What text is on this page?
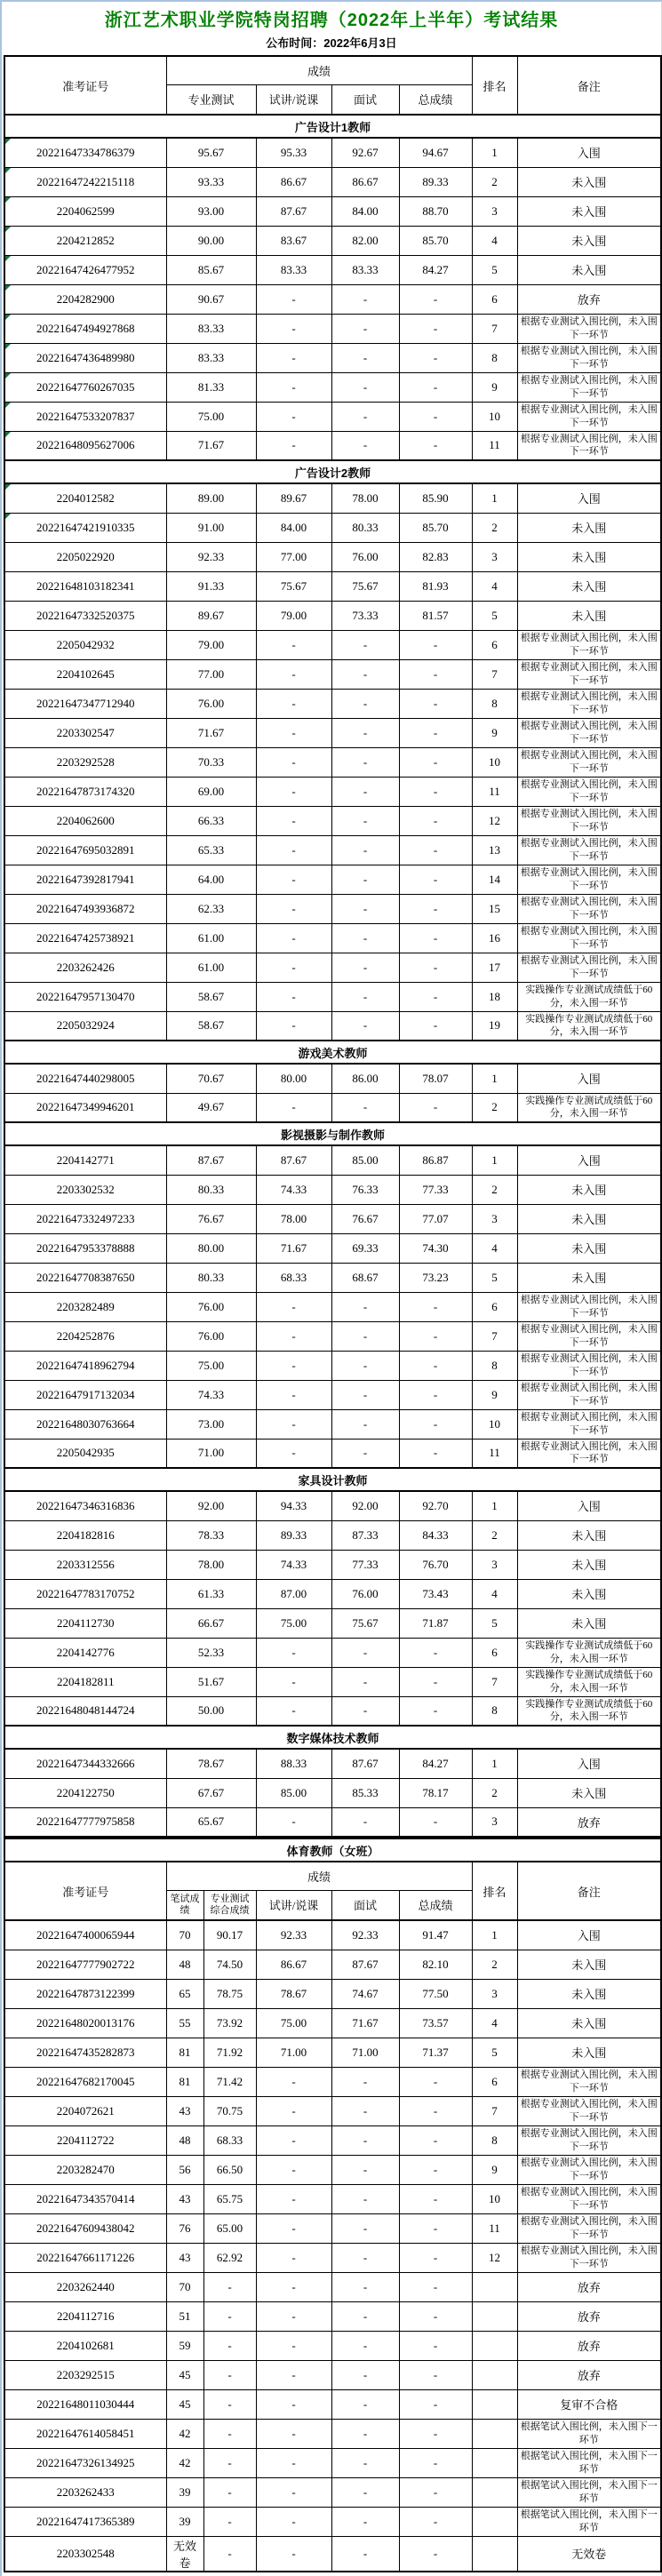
浙江艺术职业学院特岗招聘（2022年上半年）考试结果
公布时间：2022年6月3日
准考证号	成绩				排名	备注
	专业测试	试讲/说课	面试	总成绩		
广告设计1教师						

20221647334786379	95.67	95.33	92.67	94.67	1	入围

20221647242215118	93.33	86.67	86.67	89.33	2	未入围

2204062599	93.00	87.67	84.00	88.70	3	未入围

2204212852	90.00	83.67	82.00	85.70	4	未入围

20221647426477952	85.67	83.33	83.33	84.27	5	未入围

2204282900	90.67	-	-	-	6	放弃

20221647494927868	83.33	-	-	-	7	根据专业测试入围比例，未入围下一环节

20221647436489980	83.33	-	-	-	8	根据专业测试入围比例，未入围下一环节

20221647760267035	81.33	-	-	-	9	根据专业测试入围比例，未入围下一环节

20221647533207837	75.00	-	-	-	10	根据专业测试入围比例，未入围下一环节

20221648095627006	71.67	-	-	-	11	根据专业测试入围比例，未入围下一环节
广告设计2教师						

2204012582	89.00	89.67	78.00	85.90	1	入围

20221647421910335	91.00	84.00	80.33	85.70	2	未入围
2205022920	92.33	77.00	76.00	82.83	3	未入围
20221648103182341	91.33	75.67	75.67	81.93	4	未入围
20221647332520375	89.67	79.00	73.33	81.57	5	未入围
2205042932	79.00	-	-	-	6	根据专业测试入围比例，未入围下一环节
2204102645	77.00	-	-	-	7	根据专业测试入围比例，未入围下一环节
20221647347712940	76.00	-	-	-	8	根据专业测试入围比例，未入围下一环节
2203302547	71.67	-	-	-	9	根据专业测试入围比例，未入围下一环节
2203292528	70.33	-	-	-	10	根据专业测试入围比例，未入围下一环节
20221647873174320	69.00	-	-	-	11	根据专业测试入围比例，未入围下一环节
2204062600	66.33	-	-	-	12	根据专业测试入围比例，未入围下一环节
20221647695032891	65.33	-	-	-	13	根据专业测试入围比例，未入围下一环节
20221647392817941	64.00	-	-	-	14	根据专业测试入围比例，未入围下一环节
20221647493936872	62.33	-	-	-	15	根据专业测试入围比例，未入围下一环节
20221647425738921	61.00	-	-	-	16	根据专业测试入围比例，未入围下一环节
2203262426	61.00	-	-	-	17	根据专业测试入围比例，未入围下一环节
20221647957130470	58.67	-	-	-	18	实践操作专业测试成绩低于60分，未入围一环节
2205032924	58.67	-	-	-	19	实践操作专业测试成绩低于60分，未入围一环节
游戏美术教师						
20221647440298005	70.67	80.00	86.00	78.07	1	入围
20221647349946201	49.67	-	-	-	2	实践操作专业测试成绩低于60分，未入围一环节
影视摄影与制作教师						
2204142771	87.67	87.67	85.00	86.87	1	入围
2203302532	80.33	74.33	76.33	77.33	2	未入围
20221647332497233	76.67	78.00	76.67	77.07	3	未入围
20221647953378888	80.00	71.67	69.33	74.30	4	未入围
20221647708387650	80.33	68.33	68.67	73.23	5	未入围
2203282489	76.00	-	-	-	6	根据专业测试入围比例，未入围下一环节
2204252876	76.00	-	-	-	7	根据专业测试入围比例，未入围下一环节
20221647418962794	75.00	-	-	-	8	根据专业测试入围比例，未入围下一环节
20221647917132034	74.33	-	-	-	9	根据专业测试入围比例，未入围下一环节
20221648030763664	73.00	-	-	-	10	根据专业测试入围比例，未入围下一环节
2205042935	71.00	-	-	-	11	根据专业测试入围比例，未入围下一环节
家具设计教师						
20221647346316836	92.00	94.33	92.00	92.70	1	入围
2204182816	78.33	89.33	87.33	84.33	2	未入围
2203312556	78.00	74.33	77.33	76.70	3	未入围
20221647783170752	61.33	87.00	76.00	73.43	4	未入围
2204112730	66.67	75.00	75.67	71.87	5	未入围
2204142776	52.33	-	-	-	6	实践操作专业测试成绩低于60分，未入围一环节
2204182811	51.67	-	-	-	7	实践操作专业测试成绩低于60分，未入围一环节
20221648048144724	50.00	-	-	-	8	实践操作专业测试成绩低于60分，未入围一环节
数字媒体技术教师						
20221647344332666	78.67	88.33	87.67	84.27	1	入围
2204122750	67.67	85.00	85.33	78.17	2	未入围
20221647777975858	65.67	-	-	-	3	放弃
体育教师（女班）							
准考证号	成绩					排名	备注
	笔试成绩	专业测试综合成绩	试讲/说课	面试	总成绩		
20221647400065944	70	90.17	92.33	92.33	91.47	1	入围
20221647777902722	48	74.50	86.67	87.67	82.10	2	未入围
20221647873122399	65	78.75	78.67	74.67	77.50	3	未入围
20221648020013176	55	73.92	75.00	71.67	73.57	4	未入围
20221647435282873	81	71.92	71.00	71.00	71.37	5	未入围
20221647682170045	81	71.42	-	-	-	6	根据专业测试入围比例，未入围下一环节
2204072621	43	70.75	-	-	-	7	根据专业测试入围比例，未入围下一环节
2204112722	48	68.33	-	-	-	8	根据专业测试入围比例，未入围下一环节
2203282470	56	66.50	-	-	-	9	根据专业测试入围比例，未入围下一环节
20221647343570414	43	65.75	-	-	-	10	根据专业测试入围比例，未入围下一环节
20221647609438042	76	65.00	-	-	-	11	根据专业测试入围比例，未入围下一环节
20221647661171226	43	62.92	-	-	-	12	根据专业测试入围比例，未入围下一环节
2203262440	70	-	-	-	-		放弃
2204112716	51	-	-	-	-		放弃
2204102681	59	-	-	-	-		放弃
2203292515	45	-	-	-	-		放弃
20221648011030444	45	-	-	-	-		复审不合格
20221647614058451	42	-	-	-	-		根据笔试入围比例，未入围下一环节
20221647326134925	42	-	-	-	-		根据笔试入围比例，未入围下一环节
2203262433	39	-	-	-	-		根据笔试入围比例，未入围下一环节
20221647417365389	39	-	-	-	-		根据笔试入围比例，未入围下一环节
2203302548	无效卷	-	-	-	-		无效卷
